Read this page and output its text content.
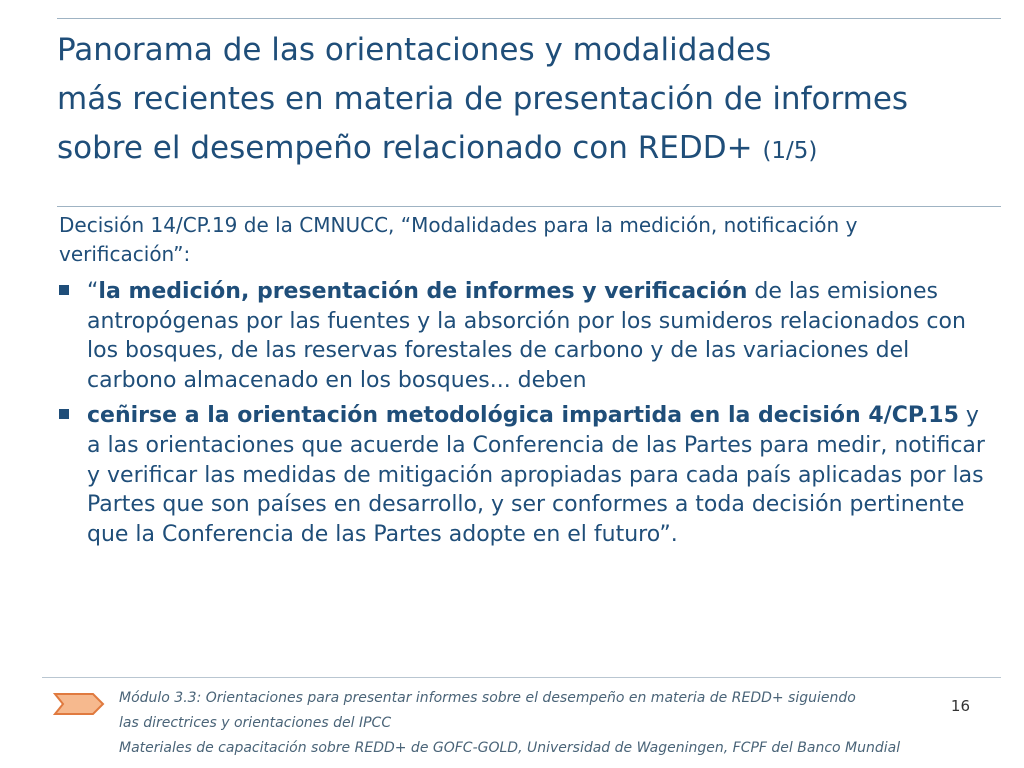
Panorama de las orientaciones y modalidades
más recientes en materia de presentación de informes
sobre el desempeño relacionado con REDD+ (1/5)

Decisión 14/CP.19 de la CMNUCC, “Modalidades para la medición, notificación y verificación”:

“la medición, presentación de informes y verificación de las emisiones antropógenas por las fuentes y la absorción por los sumideros relacionados con los bosques, de las reservas forestales de carbono y de las variaciones del carbono almacenado en los bosques... deben
ceñirse a la orientación metodológica impartida en la decisión 4/CP.15 y a las orientaciones que acuerde la Conferencia de las Partes para medir, notificar y verificar las medidas de mitigación apropiadas para cada país aplicadas por las Partes que son países en desarrollo, y ser conformes a toda decisión pertinente que la Conferencia de las Partes adopte en el futuro”.
Módulo 3.3: Orientaciones para presentar informes sobre el desempeño en materia de REDD+ siguiendo
las directrices y orientaciones del IPCC
Materiales de capacitación sobre REDD+ de GOFC-GOLD, Universidad de Wageningen, FCPF del Banco Mundial
16
